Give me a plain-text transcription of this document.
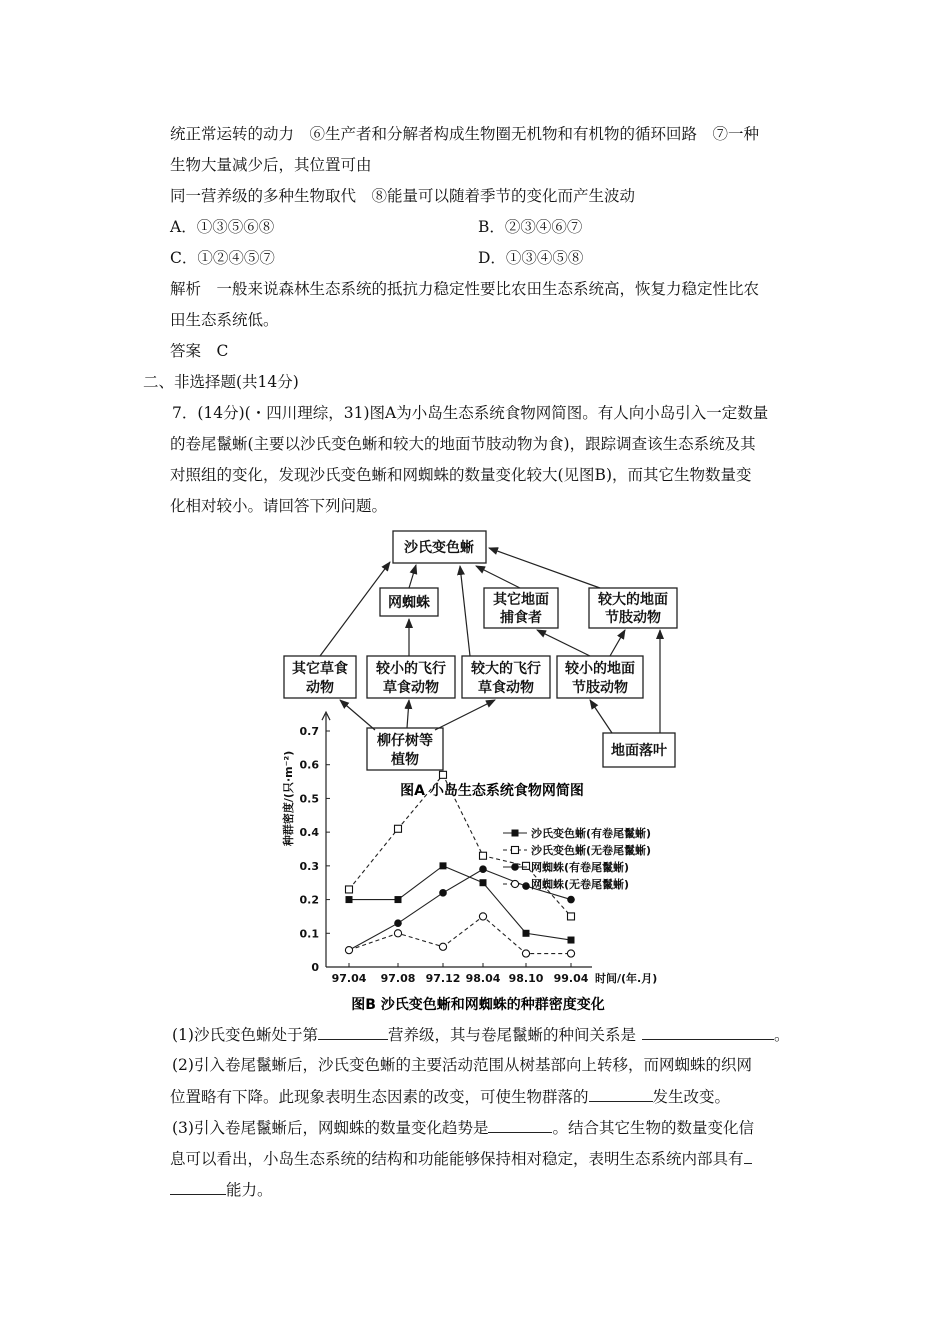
统正常运转的动力　⑥生产者和分解者构成生物圈无机物和有机物的循环回路　⑦一种
生物大量减少后，其位置可由
同一营养级的多种生物取代　⑧能量可以随着季节的变化而产生波动
A．①③⑤⑥⑧	B．②③④⑥⑦
C．①②④⑤⑦	D．①③④⑤⑧
解析　一般来说森林生态系统的抵抗力稳定性要比农田生态系统高，恢复力稳定性比农
田生态系统低。
答案　C
二、非选择题(共14分)
7．(14分)(・四川理综，31)图A为小岛生态系统食物网简图。有人向小岛引入一定数量
的卷尾鬣蜥(主要以沙氏变色蜥和较大的地面节肢动物为食)，跟踪调查该生态系统及其
对照组的变化，发现沙氏变色蜥和网蜘蛛的数量变化较大(见图B)，而其它生物数量变
化相对较小。请回答下列问题。
沙氏变色蜥
网蜘蛛	其它地面
捕食者
较大的地面
节肢动物
其它草食
动物
较小的飞行
草食动物
较大的飞行
草食动物
较小的地面
节肢动物
柳仔树等
植物
地面落叶
图A 小岛生态系统食物网简图
0
0.1
0.2
0.3
0.4
0.5
0.6
0.7
97.04 97.08 97.12 98.04 98.10 99.04 时间/(年.月)
种群密度/(只·m⁻²)	沙氏变色蜥(有卷尾鬣蜥)
沙氏变色蜥(无卷尾鬣蜥)
网蜘蛛(有卷尾鬣蜥)
网蜘蛛(无卷尾鬣蜥)
图B 沙氏变色蜥和网蜘蛛的种群密度变化
(1)沙氏变色蜥处于第	营养级，其与卷尾鬣蜥的种间关系是	。
(2)引入卷尾鬣蜥后，沙氏变色蜥的主要活动范围从树基部向上转移，而网蜘蛛的织网
位置略有下降。此现象表明生态因素的改变，可使生物群落的	发生改变。
(3)引入卷尾鬣蜥后，网蜘蛛的数量变化趋势是	。结合其它生物的数量变化信
息可以看出，小岛生态系统的结构和功能能够保持相对稳定，表明生态系统内部具有
能力。
